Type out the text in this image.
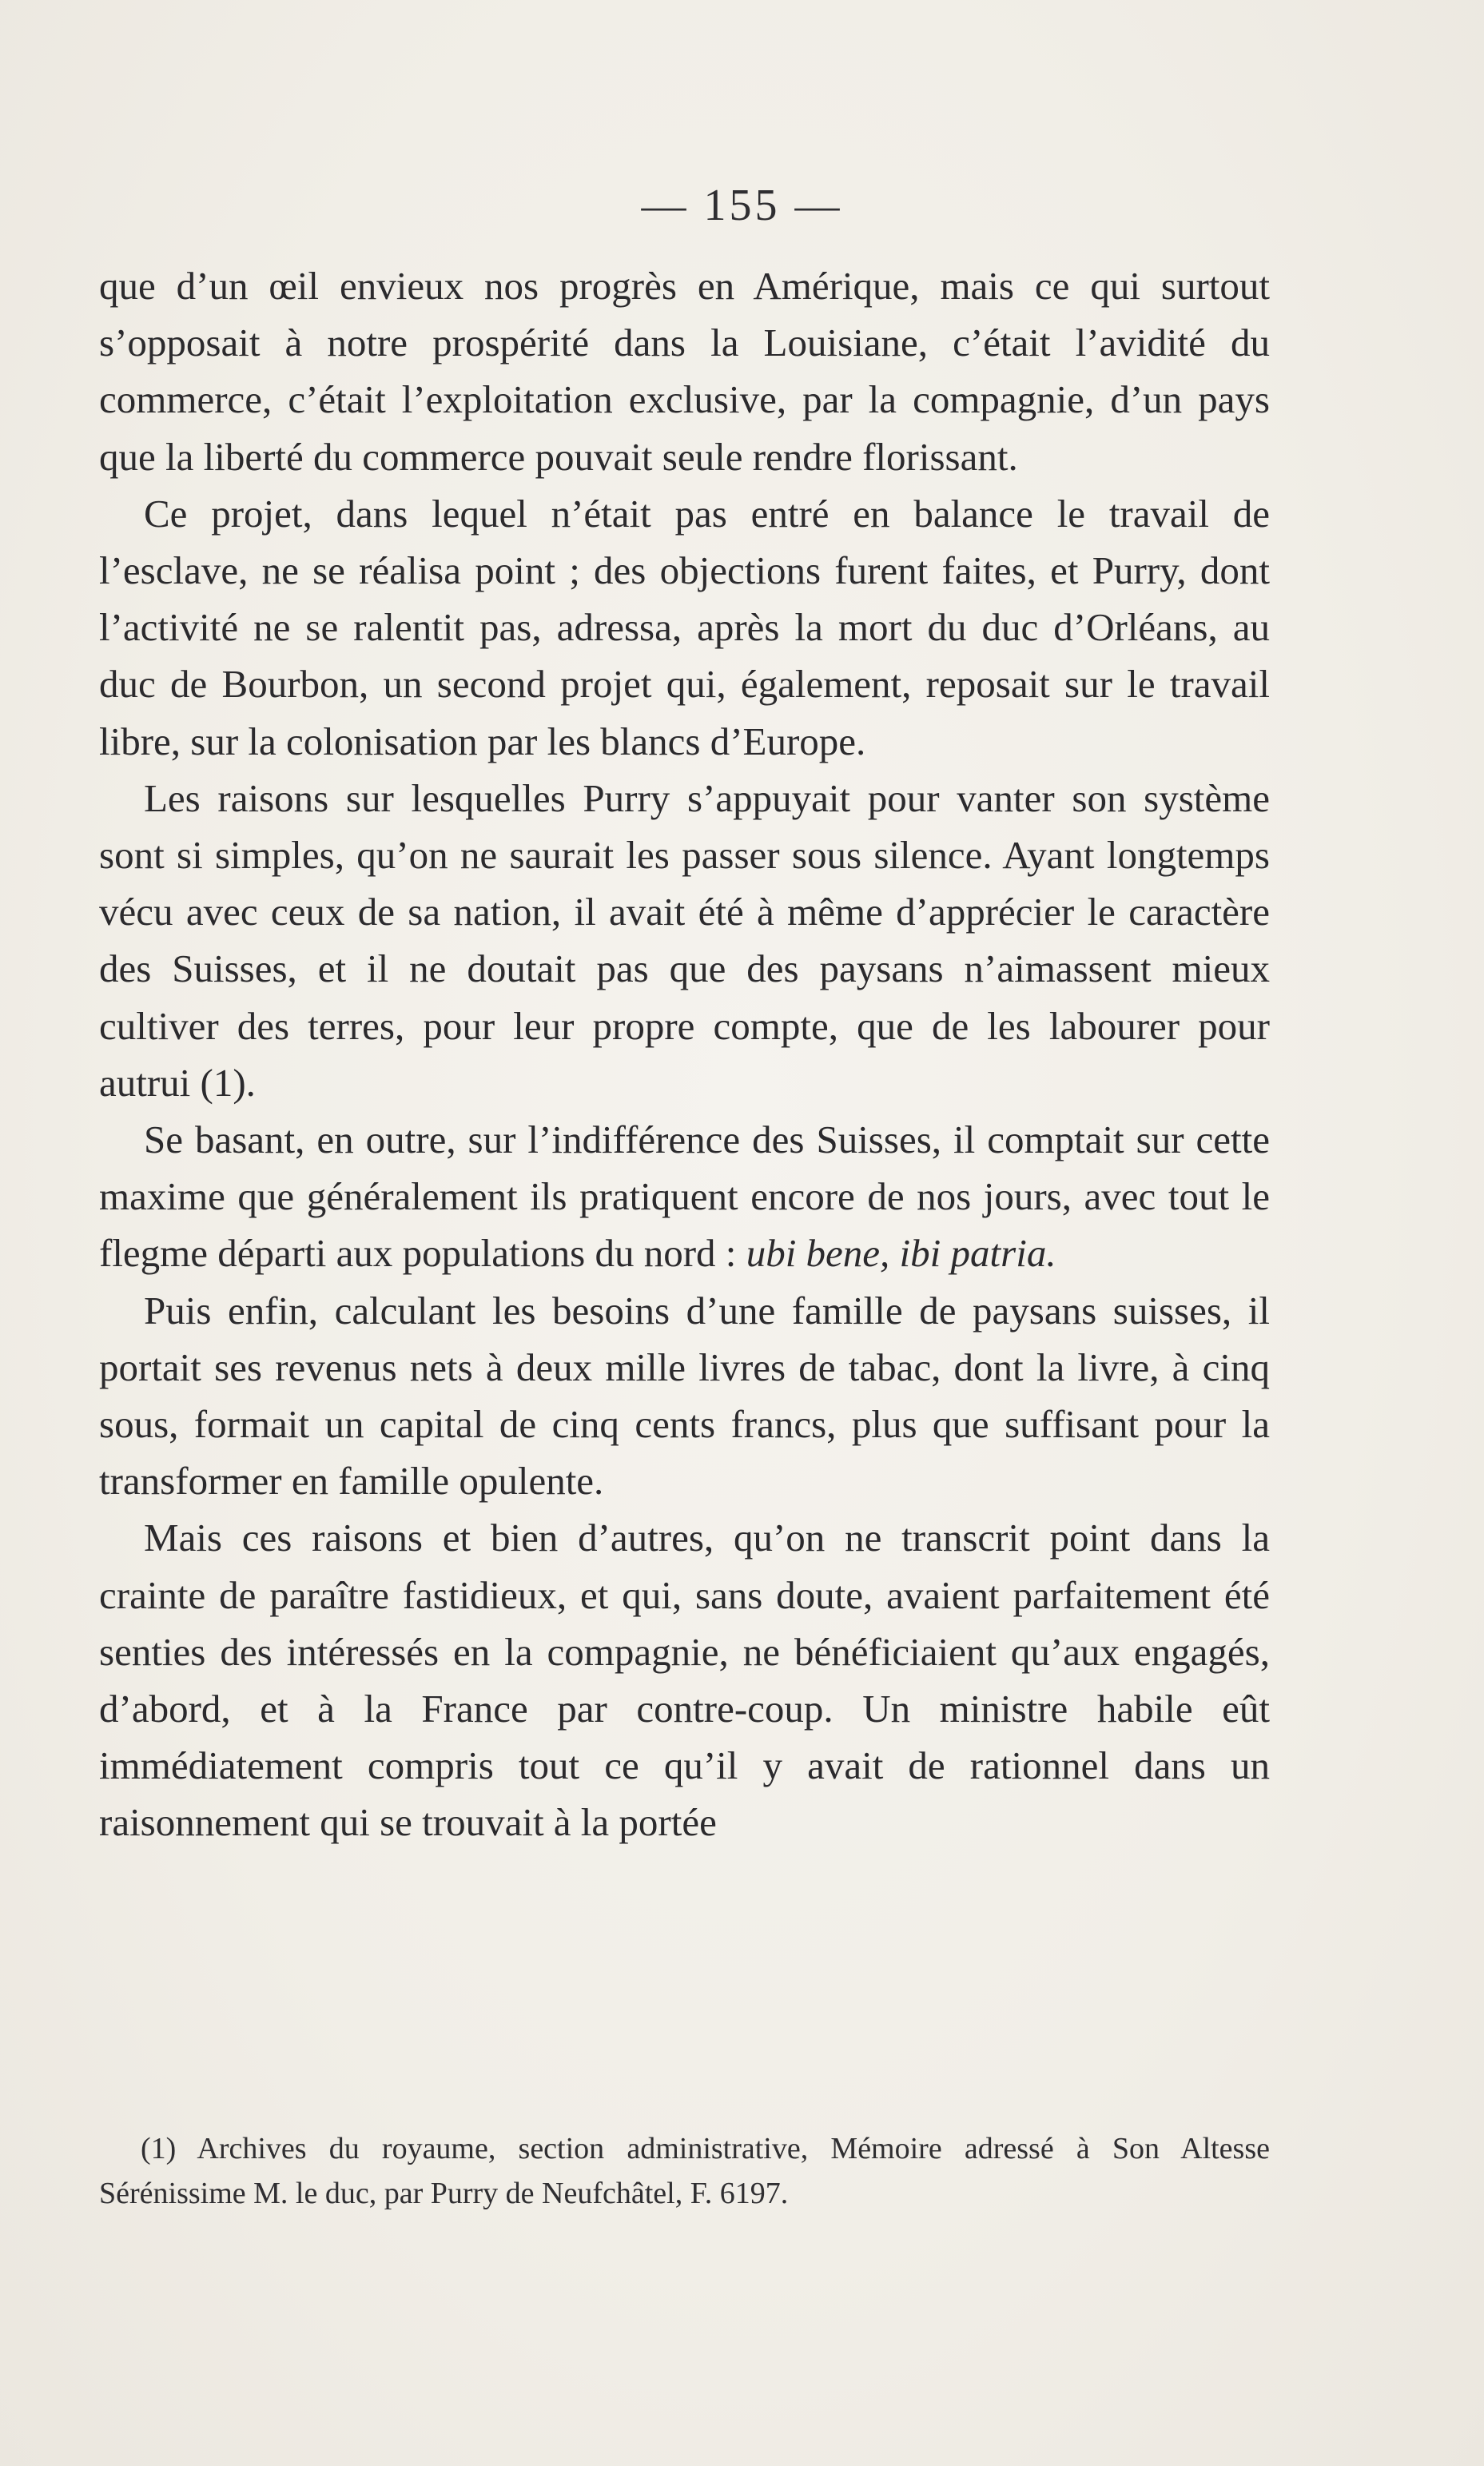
— 155 —

que d’un œil envieux nos progrès en Amérique, mais ce qui surtout s’opposait à notre prospérité dans la Louisiane, c’était l’avidité du commerce, c’était l’exploitation exclusive, par la compagnie, d’un pays que la liberté du commerce pouvait seule rendre florissant.

Ce projet, dans lequel n’était pas entré en balance le travail de l’esclave, ne se réalisa point ; des objections furent faites, et Purry, dont l’activité ne se ralentit pas, adressa, après la mort du duc d’Orléans, au duc de Bourbon, un second projet qui, également, reposait sur le travail libre, sur la colonisation par les blancs d’Europe.

Les raisons sur lesquelles Purry s’appuyait pour vanter son système sont si simples, qu’on ne saurait les passer sous silence. Ayant longtemps vécu avec ceux de sa nation, il avait été à même d’apprécier le caractère des Suisses, et il ne doutait pas que des paysans n’aimassent mieux cultiver des terres, pour leur propre compte, que de les labourer pour autrui (1).

Se basant, en outre, sur l’indifférence des Suisses, il comptait sur cette maxime que généralement ils pratiquent encore de nos jours, avec tout le flegme départi aux populations du nord : ubi bene, ibi patria.

Puis enfin, calculant les besoins d’une famille de paysans suisses, il portait ses revenus nets à deux mille livres de tabac, dont la livre, à cinq sous, formait un capital de cinq cents francs, plus que suffisant pour la transformer en famille opulente.

Mais ces raisons et bien d’autres, qu’on ne transcrit point dans la crainte de paraître fastidieux, et qui, sans doute, avaient parfaitement été senties des intéressés en la compagnie, ne bénéficiaient qu’aux engagés, d’abord, et à la France par contre-coup. Un ministre habile eût immédiatement compris tout ce qu’il y avait de rationnel dans un raisonnement qui se trouvait à la portée

(1) Archives du royaume, section administrative, Mémoire adressé à Son Altesse Sérénissime M. le duc, par Purry de Neufchâtel, F. 6197.
